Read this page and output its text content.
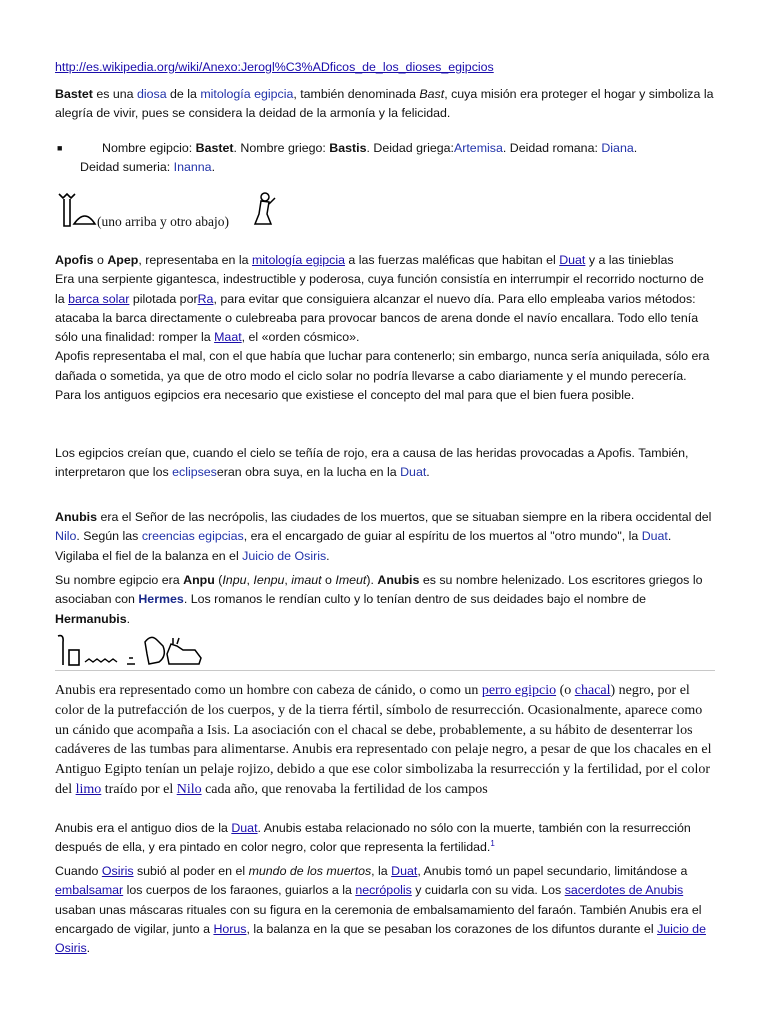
http://es.wikipedia.org/wiki/Anexo:Jerogl%C3%ADficos_de_los_dioses_egipcios
Bastet es una diosa de la mitología egipcia, también denominada Bast, cuya misión era proteger el hogar y simboliza la alegría de vivir, pues se considera la deidad de la armonía y la felicidad.
■	Nombre egipcio: Bastet. Nombre griego: Bastis. Deidad griega:Artemisa. Deidad romana: Diana.
Deidad sumeria: Inanna.
(uno arriba y otro abajo)
Apofis o Apep, representaba en la mitología egipcia a las fuerzas maléficas que habitan el Duat y a las tinieblas
Era una serpiente gigantesca, indestructible y poderosa, cuya función consistía en interrumpir el recorrido nocturno de la barca solar pilotada porRa, para evitar que consiguiera alcanzar el nuevo día. Para ello empleaba varios métodos: atacaba la barca directamente o culebreaba para provocar bancos de arena donde el navío encallara. Todo ello tenía sólo una finalidad: romper la Maat, el «orden cósmico».
Apofis representaba el mal, con el que había que luchar para contenerlo; sin embargo, nunca sería aniquilada, sólo era dañada o sometida, ya que de otro modo el ciclo solar no podría llevarse a cabo diariamente y el mundo perecería. Para los antiguos egipcios era necesario que existiese el concepto del mal para que el bien fuera posible.
Los egipcios creían que, cuando el cielo se teñía de rojo, era a causa de las heridas provocadas a Apofis. También, interpretaron que los eclipseseran obra suya, en la lucha en la Duat.
Anubis era el Señor de las necrópolis, las ciudades de los muertos, que se situaban siempre en la ribera occidental del Nilo. Según las creencias egipcias, era el encargado de guiar al espíritu de los muertos al "otro mundo", la Duat. Vigilaba el fiel de la balanza en el Juicio de Osiris.
Su nombre egipcio era Anpu (Inpu, Ienpu, imaut o Imeut). Anubis es su nombre helenizado. Los escritores griegos lo asociaban con Hermes. Los romanos le rendían culto y lo tenían dentro de sus deidades bajo el nombre de Hermanubis.
Anubis era representado como un hombre con cabeza de cánido, o como un perro egipcio (o chacal) negro, por el color de la putrefacción de los cuerpos, y de la tierra fértil, símbolo de resurrección. Ocasionalmente, aparece como un cánido que acompaña a Isis. La asociación con el chacal se debe, probablemente, a su hábito de desenterrar los cadáveres de las tumbas para alimentarse. Anubis era representado con pelaje negro, a pesar de que los chacales en el Antiguo Egipto tenían un pelaje rojizo, debido a que ese color simbolizaba la resurrección y la fertilidad, por el color del limo traído por el Nilo cada año, que renovaba la fertilidad de los campos
Anubis era el antiguo dios de la Duat. Anubis estaba relacionado no sólo con la muerte, también con la resurrección después de ella, y era pintado en color negro, color que representa la fertilidad.$^1$
Cuando Osiris subió al poder en el mundo de los muertos, la Duat, Anubis tomó un papel secundario, limitándose a embalsamar los cuerpos de los faraones, guiarlos a la necrópolis y cuidarla con su vida. Los sacerdotes de Anubis usaban unas máscaras rituales con su figura en la ceremonia de embalsamamiento del faraón. También Anubis era el encargado de vigilar, junto a Horus, la balanza en la que se pesaban los corazones de los difuntos durante el Juicio de Osiris.
